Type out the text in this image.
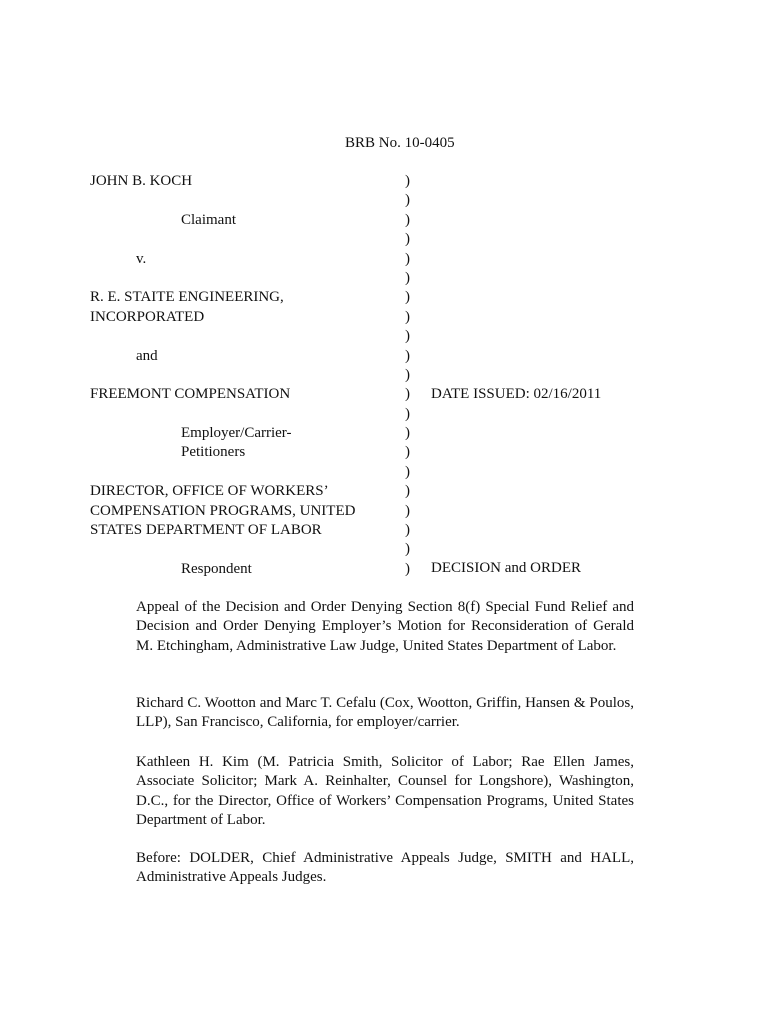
BRB No. 10-0405
JOHN B. KOCH
Claimant
v.
R. E. STAITE ENGINEERING,
INCORPORATED
and
FREEMONT COMPENSATION
Employer/Carrier-
Petitioners
DIRECTOR, OFFICE OF WORKERS’
COMPENSATION PROGRAMS, UNITED
STATES DEPARTMENT OF LABOR
Respondent
)
)
)
)
)
)
)
)
)
)
)
)
)
)
)
)
)
)
)
)
)
DATE ISSUED: 02/16/2011
DECISION and ORDER
Appeal of the Decision and Order Denying Section 8(f) Special Fund Relief and Decision and Order Denying Employer’s Motion for Reconsideration of Gerald M. Etchingham, Administrative Law Judge, United States Department of Labor.
Richard C. Wootton and Marc T. Cefalu (Cox, Wootton, Griffin, Hansen & Poulos, LLP), San Francisco, California, for employer/carrier.
Kathleen H. Kim (M. Patricia Smith, Solicitor of Labor; Rae Ellen James, Associate Solicitor; Mark A. Reinhalter, Counsel for Longshore), Washington, D.C., for the Director, Office of Workers’ Compensation Programs, United States Department of Labor.
Before: DOLDER, Chief Administrative Appeals Judge, SMITH and HALL, Administrative Appeals Judges.
